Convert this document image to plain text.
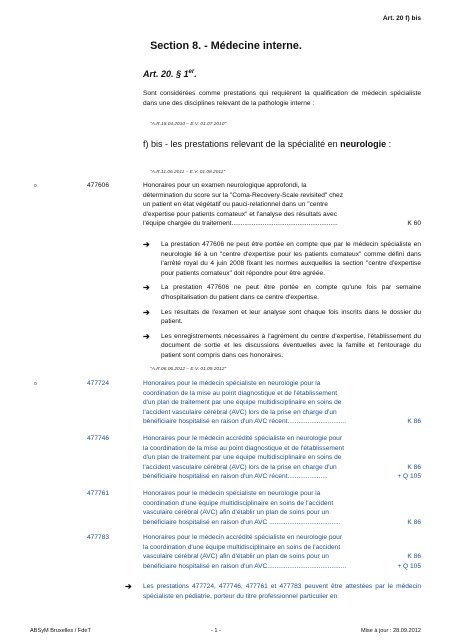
Art. 20 f) bis
Section 8. - Médecine interne.
Art. 20. § 1er.
Sont considérées comme prestations qui requièrent la qualification de médecin spécialiste dans une des disciplines relevant de la pathologie interne :
"A.R.18.04.2010 – E.V. 01.07.2010"
f) bis - les prestations relevant de la spécialité en neurologie :
"A.R.11.06.2011 – E.V. 01.08.2011"
o	477606	Honoraires pour un examen neurologique approfondi, la
détermination du score sur la "Coma-Recovery-Scale revisited" chez
un patient en état végétatif ou pauci-relationnel dans un "centre
d'expertise pour patients comateux" et l'analyse des résultats avec
l'équipe chargée du traitement..........................................................	K 60
➔ La prestation 477606 ne peut être portée en compte que par le médecin spécialiste en neurologie lié à un "centre d'expertise pour les patients comateux" comme défini dans l'arrêté royal du 4 juin 2008 fixant les normes auxquelles la section "centre d'expertise pour patients comateux" doit répondre pour être agréée.
➔ La prestation 477606 ne peut être portée en compte qu'une fois par semaine d'hospitalisation du patient dans ce centre d'expertise.
➔ Les résultats de l'examen et leur analyse sont chaque fois inscrits dans le dossier du patient.
➔ Les enregistrements nécessaires à l'agrément du centre d'expertise, l'établissement du document de sortie et les discussions éventuelles avec la famille et l'entourage du patient sont compris dans ces honoraires.
"A.R.06.06.2012 – E.V. 01.09.2012"
o	477724	Honoraires pour le médecin spécialiste en neurologie pour la
coordination de la mise au point diagnostique et de l'établissement
d'un plan de traitement par une équipe multidisciplinaire en soins de
l'accident vasculaire cérébral (AVC) lors de la prise en charge d'un
bénéficiaire hospitalisé en raison d'un AVC récent................................	K 86
477746	Honoraires pour le médecin accrédité spécialiste en neurologie pour
la coordination de la mise au point diagnostique et de l'établissement
d'un plan de traitement par une équipe multidisciplinaire en soins de
l'accident vasculaire cérébral (AVC) lors de la prise en charge d'un	K 86
bénéficiaire hospitalisé en raison d'un AVC récent......................	+ Q 105
477761	Honoraires pour le médecin spécialiste en neurologie pour la
coordination d'une équipe multidisciplinaire en soins de l'accident
vasculaire cérébral (AVC) afin d'établir un plan de soins pour un
bénéficiaire hospitalisé en raison d'un AVC .......................................	K 86
477783	Honoraires pour le médecin accrédité spécialiste en neurologie pour
la coordination d'une équipe multidisciplinaire en soins de l'accident
vasculaire cérébral (AVC) afin d'établir un plan de soins pour un	K 86
bénéficiaire hospitalisé en raison d'un AVC...........................................	+ Q 105
➔ Les prestations 477724, 477746, 477761 et 477783 peuvent être attestées par le médecin spécialiste en pédiatrie, porteur du titre professionnel particulier en
ABSyM Bruxelles / FdeT	- 1 -	Mise à jour : 28.09.2012
